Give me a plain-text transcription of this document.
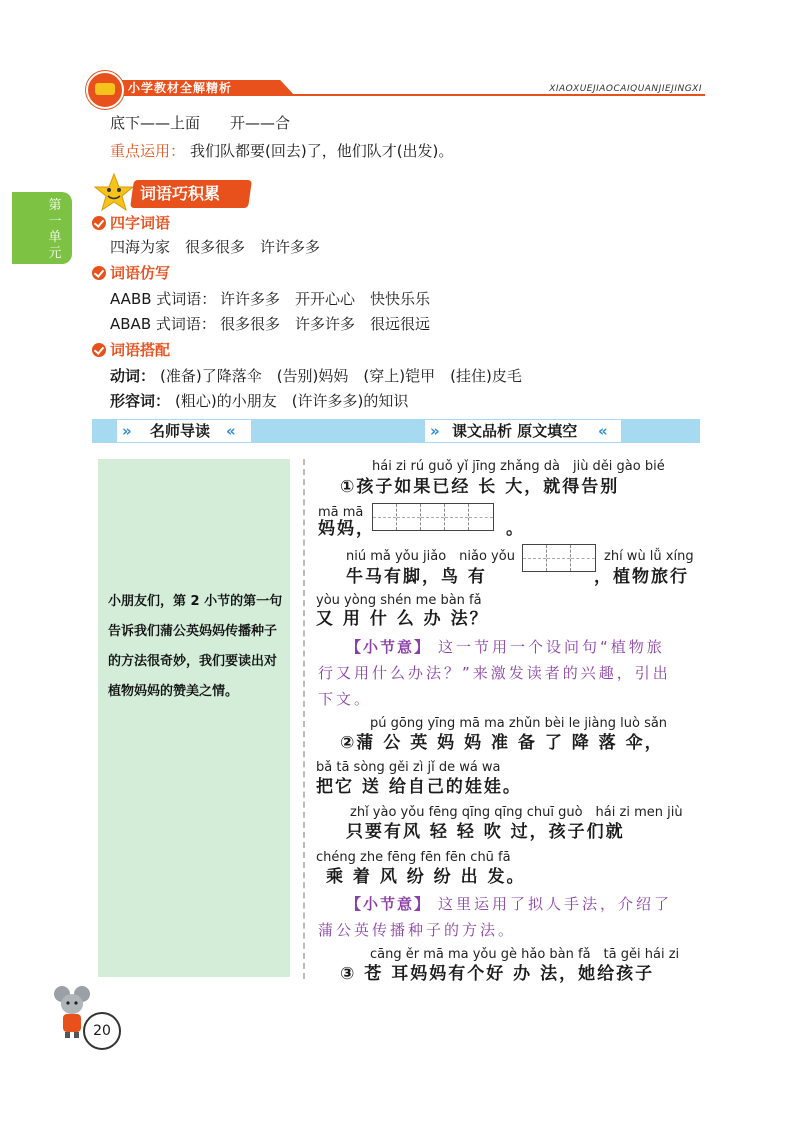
小学教材全解精析	XIAOXUEJIAOCAIQUANJIEJINGXI
第一单元
底下——上面　　开——合
重点运用： 我们队都要(回去)了，他们队才(出发)。
词语巧积累
四字词语
四海为家　很多很多　许许多多
词语仿写
AABB 式词语： 许许多多　开开心心　快快乐乐
ABAB 式词语： 很多很多　许多许多　很远很远
词语搭配
动词： (准备)了降落伞　(告别)妈妈　(穿上)铠甲　(挂住)皮毛
形容词： (粗心)的小朋友　(许许多多)的知识
» 名师导读 «	» 课文品析 原文填空 «
小朋友们，第 2 小节的第一句告诉我们蒲公英妈妈传播种子的方法很奇妙，我们要读出对植物妈妈的赞美之情。
hái zi rú guǒ yǐ jīng zhǎng dà　jiù děi gào bié
①孩子如果已经 长 大，就得告别
mā mā
妈妈，	。
niú mǎ yǒu jiǎo　niǎo yǒu	zhí wù lǚ xíng
牛马有脚，鸟 有	，植物旅行
yòu yòng shén me bàn fǎ
又 用 什 么 办 法？
【小节意】 这一节用一个设问句“植物旅
行又用什么办法？”来激发读者的兴趣，引出
下文。
pú gōng yīng mā ma zhǔn bèi le jiàng luò sǎn
②蒲 公 英 妈 妈 准 备 了 降 落 伞，
bǎ tā sòng gěi zì jǐ de wá wa
把它 送 给自己的娃娃。
zhǐ yào yǒu fēng qīng qīng chuī guò　hái zi men jiù
只要有风 轻 轻 吹 过，孩子们就
chéng zhe fēng fēn fēn chū fā
乘 着 风 纷 纷 出 发。
【小节意】 这里运用了拟人手法，介绍了
蒲公英传播种子的方法。
cāng ěr mā ma yǒu gè hǎo bàn fǎ　tā gěi hái zi
③ 苍 耳妈妈有个好 办 法，她给孩子
20
